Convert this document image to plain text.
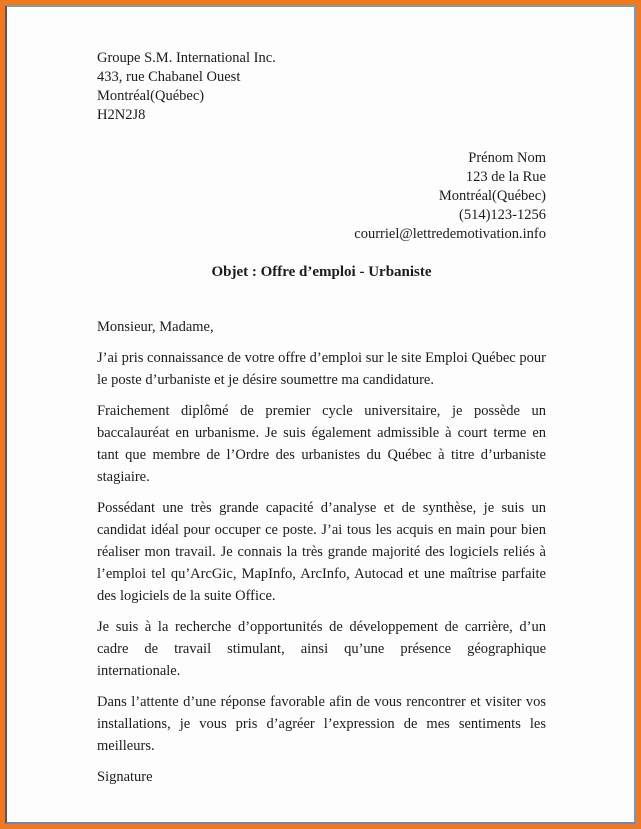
Groupe S.M. International Inc.
433, rue Chabanel Ouest
Montréal(Québec)
H2N2J8
Prénom Nom
123 de la Rue
Montréal(Québec)
(514)123-1256
courriel@lettredemotivation.info
Objet : Offre d’emploi - Urbaniste

Monsieur, Madame,

J’ai pris connaissance de votre offre d’emploi sur le site Emploi Québec pour le poste d’urbaniste et je désire soumettre ma candidature.

Fraichement diplômé de premier cycle universitaire, je possède un baccalauréat en urbanisme. Je suis également admissible à court terme en tant que membre de l’Ordre des urbanistes du Québec à titre d’urbaniste stagiaire.

Possédant une très grande capacité d’analyse et de synthèse, je suis un candidat idéal pour occuper ce poste. J’ai tous les acquis en main pour bien réaliser mon travail. Je connais la très grande majorité des logiciels reliés à l’emploi tel qu’ArcGic, MapInfo, ArcInfo, Autocad et une maîtrise parfaite des logiciels de la suite Office.

Je suis à la recherche d’opportunités de développement de carrière, d’un cadre de travail stimulant, ainsi qu’une présence géographique internationale.

Dans l’attente d’une réponse favorable afin de vous rencontrer et visiter vos installations, je vous pris d’agréer l’expression de mes sentiments les meilleurs.

Signature
